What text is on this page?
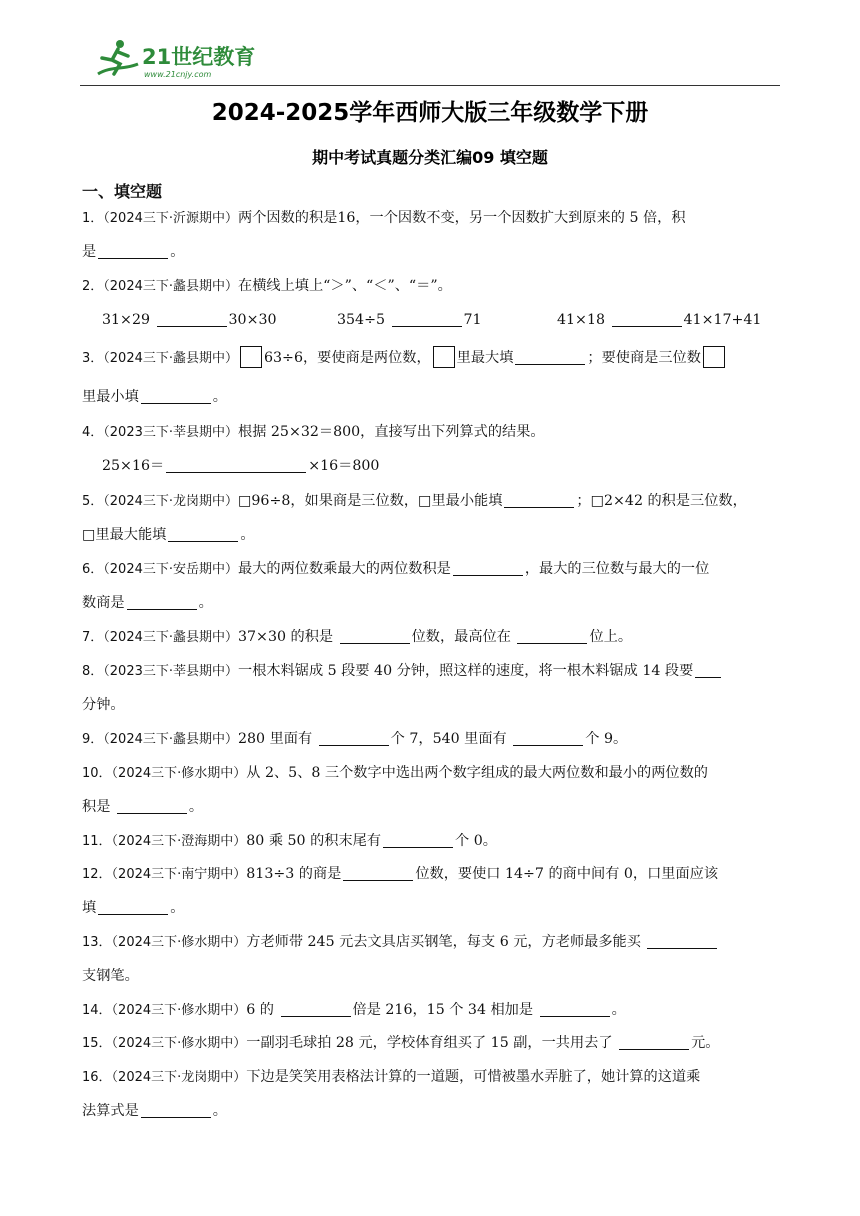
21世纪教育
www.21cnjy.com
2024-2025学年西师大版三年级数学下册
期中考试真题分类汇编09 填空题
一、填空题
1．（2024三下·沂源期中）两个因数的积是16，一个因数不变，另一个因数扩大到原来的 5 倍，积
是	。
2．（2024三下·蠡县期中）在横线上填上“＞”、“＜”、“＝”。
31×29	30×30	354÷5	71	41×18	41×17+41
3．（2024三下·蠡县期中） 63÷6，要使商是两位数， 里最大填	；要使商是三位数
里最小填	。
4．（2023三下·莘县期中）根据 25×32＝800，直接写出下列算式的结果。
25×16＝	×16＝800
5．（2024三下·龙岗期中）□96÷8，如果商是三位数，□里最小能填	；□2×42 的积是三位数，
□里最大能填	。
6．（2024三下·安岳期中）最大的两位数乘最大的两位数积是	，最大的三位数与最大的一位
数商是	。
7．（2024三下·蠡县期中）37×30 的积是	位数，最高位在	位上。
8．（2023三下·莘县期中）一根木料锯成 5 段要 40 分钟，照这样的速度，将一根木料锯成 14 段要
分钟。
9．（2024三下·蠡县期中）280 里面有	个 7，540 里面有	个 9。
10．（2024三下·修水期中）从 2、5、8 三个数字中选出两个数字组成的最大两位数和最小的两位数的
积是	。
11．（2024三下·澄海期中）80 乘 50 的积末尾有	个 0。
12．（2024三下·南宁期中）813÷3 的商是	位数，要使口 14÷7 的商中间有 0，口里面应该
填	。
13．（2024三下·修水期中）方老师带 245 元去文具店买钢笔，每支 6 元，方老师最多能买
支钢笔。
14．（2024三下·修水期中）6 的	倍是 216，15 个 34 相加是	。
15．（2024三下·修水期中）一副羽毛球拍 28 元，学校体育组买了 15 副，一共用去了	元。
16．（2024三下·龙岗期中）下边是笑笑用表格法计算的一道题，可惜被墨水弄脏了，她计算的这道乘
法算式是	。
